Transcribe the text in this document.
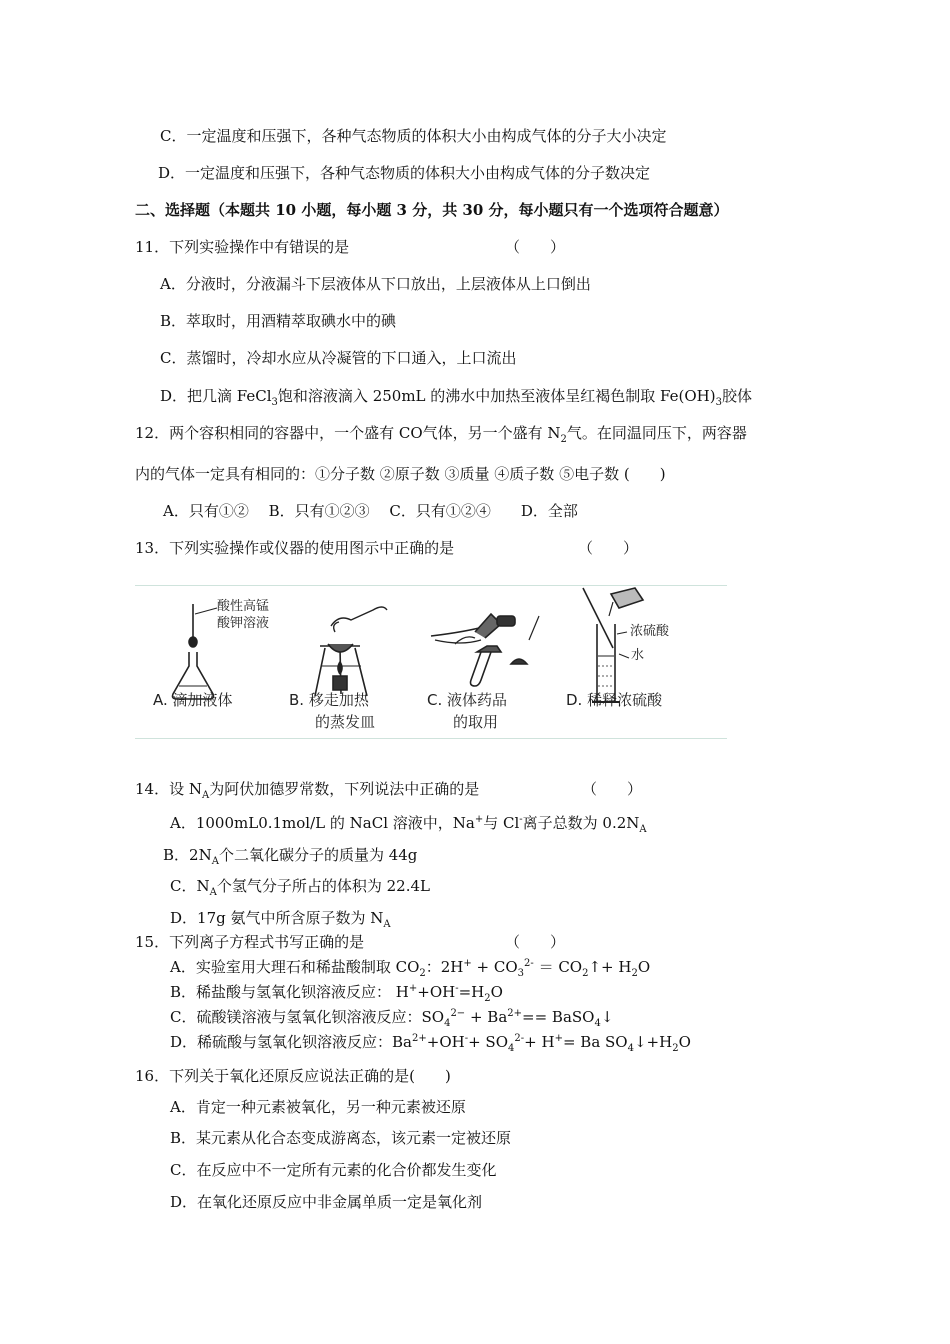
C．一定温度和压强下，各种气态物质的体积大小由构成气体的分子大小决定
D．一定温度和压强下，各种气态物质的体积大小由构成气体的分子数决定
二、选择题（本题共 10 小题，每小题 3 分，共 30 分，每小题只有一个选项符合题意）
11．下列实验操作中有错误的是	（　　）
A．分液时，分液漏斗下层液体从下口放出，上层液体从上口倒出
B．萃取时，用酒精萃取碘水中的碘
C．蒸馏时，冷却水应从冷凝管的下口通入，上口流出
D．把几滴 FeCl$_3$饱和溶液滴入 250mL 的沸水中加热至液体呈红褐色制取 $Fe(OH)_3$胶体
12．两个容积相同的容器中，一个盛有 CO气体，另一个盛有 $N_2$气。在同温同压下，两容器
内的气体一定具有相同的：①分子数 ②原子数 ③质量 ④质子数 ⑤电子数 (　　)
A．只有①②　 B．只有①②③　 C．只有①②④　　D．全部
13．下列实验操作或仪器的使用图示中正确的是	（　　）
酸性高锰
酸钾溶液
浓硫酸
水
A. 滴加液体	B. 移走加热
的蒸发皿
C. 液体药品
的取用
D. 稀释浓硫酸
14．设 $N_A$为阿伏加德罗常数，下列说法中正确的是	（　　）
A．1000mL0.1mol/L 的 NaCl 溶液中，Na+与 Cl-离子总数为 $0.2N_A$
B．$2N_A$个二氧化碳分子的质量为 44g
C．$N_A$个氢气分子所占的体积为 22.4L
D．17g 氨气中所含原子数为 $N_A$
15．下列离子方程式书写正确的是	（　　）
A．实验室用大理石和稀盐酸制取 $CO_2$：$2H^+ + CO_3^{2-}$ ＝ $CO_2↑+ H_2O$
B．稀盐酸与氢氧化钡溶液反应： $H^++OH^-=H_2O$
C．硫酸镁溶液与氢氧化钡溶液反应：$SO_4^{2-} + Ba^{2+}==$ BaSO$_4$↓
D．稀硫酸与氢氧化钡溶液反应：$Ba^{2+}+OH^-+ SO_4^{2-}+ H^+= Ba$ $SO_4↓+H_2O$
16．下列关于氧化还原反应说法正确的是(　　)
A．肯定一种元素被氧化，另一种元素被还原
B．某元素从化合态变成游离态，该元素一定被还原
C．在反应中不一定所有元素的化合价都发生变化
D．在氧化还原反应中非金属单质一定是氧化剂
